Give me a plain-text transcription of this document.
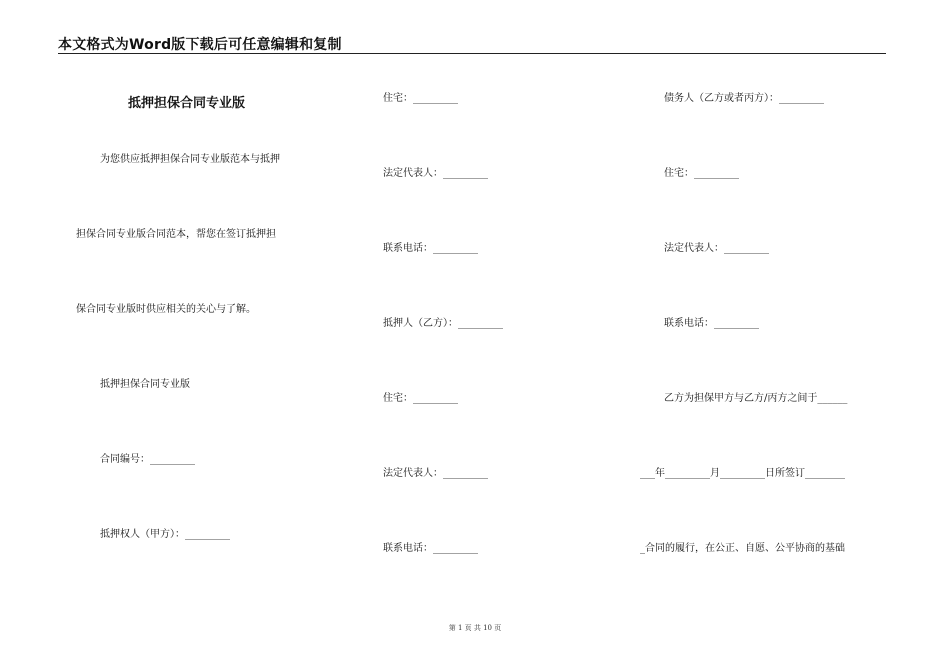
本文格式为Word版下载后可任意编辑和复制
抵押担保合同专业版
为您供应抵押担保合同专业版范本与抵押
担保合同专业版合同范本，帮您在签订抵押担
保合同专业版时供应相关的关心与了解。
抵押担保合同专业版
合同编号：_________
抵押权人（甲方）：_________
住宅：_________
法定代表人：_________
联系电话：_________
抵押人（乙方）：_________
住宅：_________
法定代表人：_________
联系电话：_________
债务人（乙方或者丙方）：_________
住宅：_________
法定代表人：_________
联系电话：_________
乙方为担保甲方与乙方/丙方之间于______
___年_________月_________日所签订________
_合同的履行，在公正、自愿、公平协商的基础
第 1 页 共 10 页
